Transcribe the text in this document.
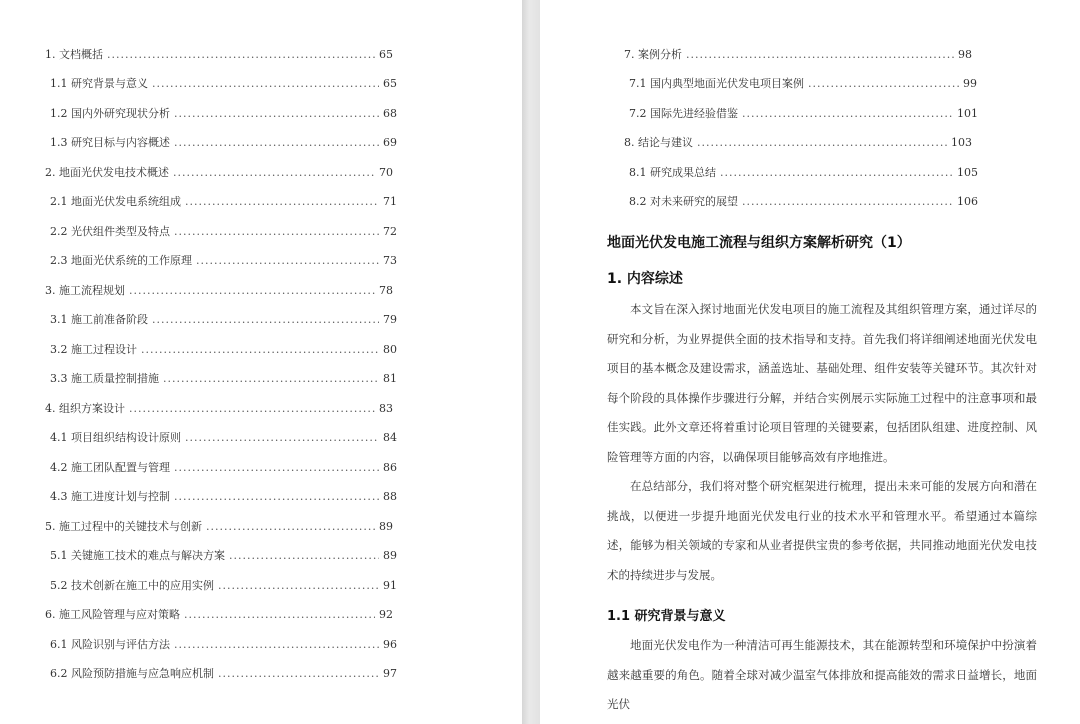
1. 文档概括 .....	65
1.1 研究背景与意义 .....	65
1.2 国内外研究现状分析 .....	68
1.3 研究目标与内容概述 .....	69
2. 地面光伏发电技术概述 .....	70
2.1 地面光伏发电系统组成 .....	71
2.2 光伏组件类型及特点 .....	72
2.3 地面光伏系统的工作原理 .....	73
3. 施工流程规划 .....	78
3.1 施工前准备阶段 .....	79
3.2 施工过程设计 .....	80
3.3 施工质量控制措施 .....	81
4. 组织方案设计 .....	83
4.1 项目组织结构设计原则 .....	84
4.2 施工团队配置与管理 .....	86
4.3 施工进度计划与控制 .....	88
5. 施工过程中的关键技术与创新 .....	89
5.1 关键施工技术的难点与解决方案 .....	89
5.2 技术创新在施工中的应用实例 .....	91
6. 施工风险管理与应对策略 .....	92
6.1 风险识别与评估方法 .....	96
6.2 风险预防措施与应急响应机制 .....	97
7. 案例分析 .....	98
7.1 国内典型地面光伏发电项目案例 .....	99
7.2 国际先进经验借鉴 .....	101
8. 结论与建议 .....	103
8.1 研究成果总结 .....	105
8.2 对未来研究的展望 .....	106
地面光伏发电施工流程与组织方案解析研究（1）
1. 内容综述

本文旨在深入探讨地面光伏发电项目的施工流程及其组织管理方案，通过详尽的研究和分析，为业界提供全面的技术指导和支持。首先我们将详细阐述地面光伏发电项目的基本概念及建设需求，涵盖选址、基础处理、组件安装等关键环节。其次针对每个阶段的具体操作步骤进行分解，并结合实例展示实际施工过程中的注意事项和最佳实践。此外文章还将着重讨论项目管理的关键要素，包括团队组建、进度控制、风险管理等方面的内容，以确保项目能够高效有序地推进。

在总结部分，我们将对整个研究框架进行梳理，提出未来可能的发展方向和潜在挑战，以便进一步提升地面光伏发电行业的技术水平和管理水平。希望通过本篇综述，能够为相关领域的专家和从业者提供宝贵的参考依据，共同推动地面光伏发电技术的持续进步与发展。

1.1 研究背景与意义

地面光伏发电作为一种清洁可再生能源技术，其在能源转型和环境保护中扮演着越来越重要的角色。随着全球对减少温室气体排放和提高能效的需求日益增长，地面光伏
